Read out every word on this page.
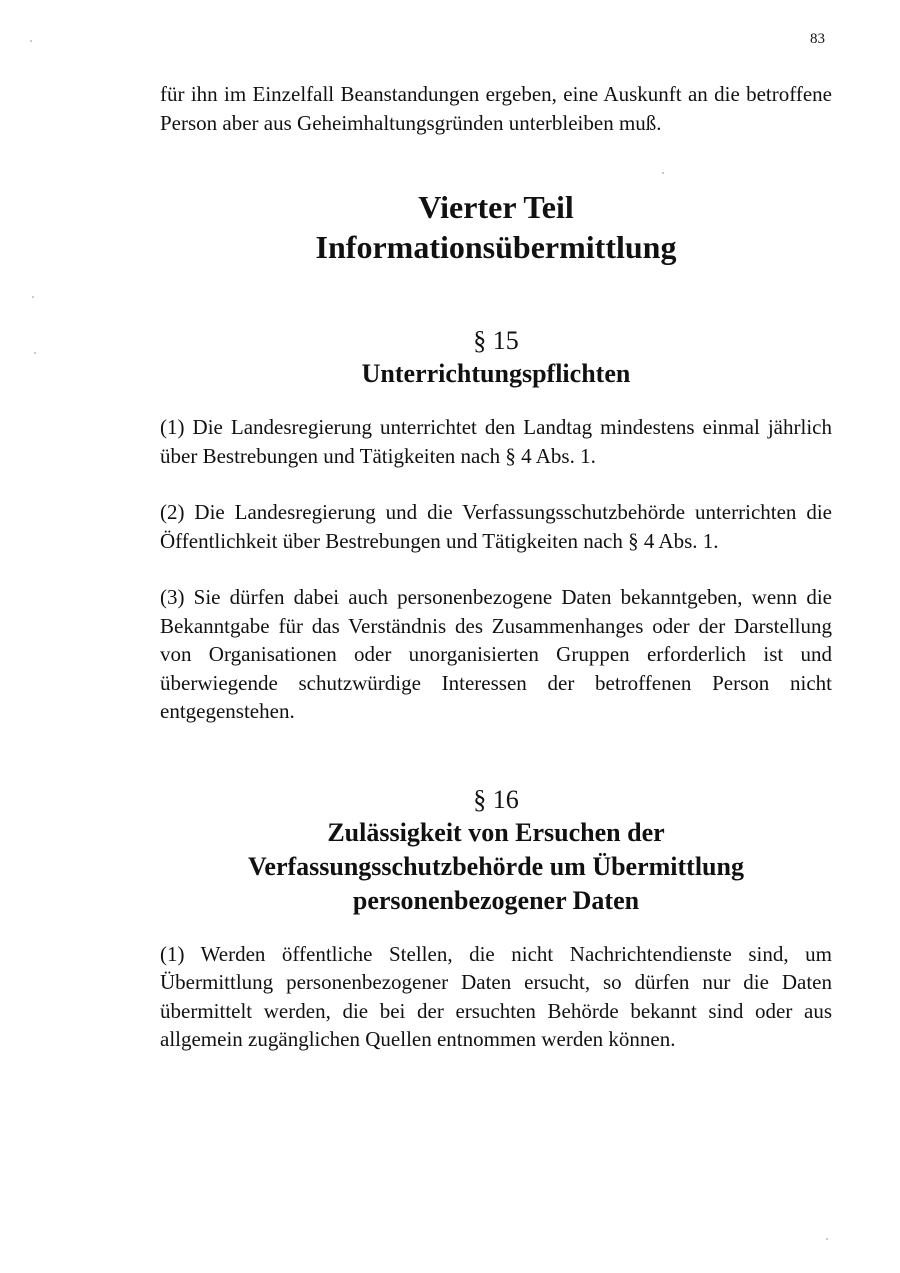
83

für ihn im Einzelfall Beanstandungen ergeben, eine Auskunft an die betroffene Person aber aus Geheimhaltungsgründen unterbleiben muß.

Vierter Teil
Informationsübermittlung
§ 15
Unterrichtungspflichten

(1) Die Landesregierung unterrichtet den Landtag mindestens einmal jährlich über Bestrebungen und Tätigkeiten nach § 4 Abs. 1.

(2) Die Landesregierung und die Verfassungsschutzbehörde unterrichten die Öffentlichkeit über Bestrebungen und Tätigkeiten nach § 4 Abs. 1.

(3) Sie dürfen dabei auch personenbezogene Daten bekanntgeben, wenn die Bekanntgabe für das Verständnis des Zusammenhanges oder der Darstellung von Organisationen oder unorganisierten Gruppen erforderlich ist und überwiegende schutzwürdige Interessen der betroffenen Person nicht entgegenstehen.

§ 16
Zulässigkeit von Ersuchen der
Verfassungsschutzbehörde um Übermittlung
personenbezogener Daten

(1) Werden öffentliche Stellen, die nicht Nachrichtendienste sind, um Übermittlung personenbezogener Daten ersucht, so dürfen nur die Daten übermittelt werden, die bei der ersuchten Behörde bekannt sind oder aus allgemein zugänglichen Quellen entnommen werden können.
